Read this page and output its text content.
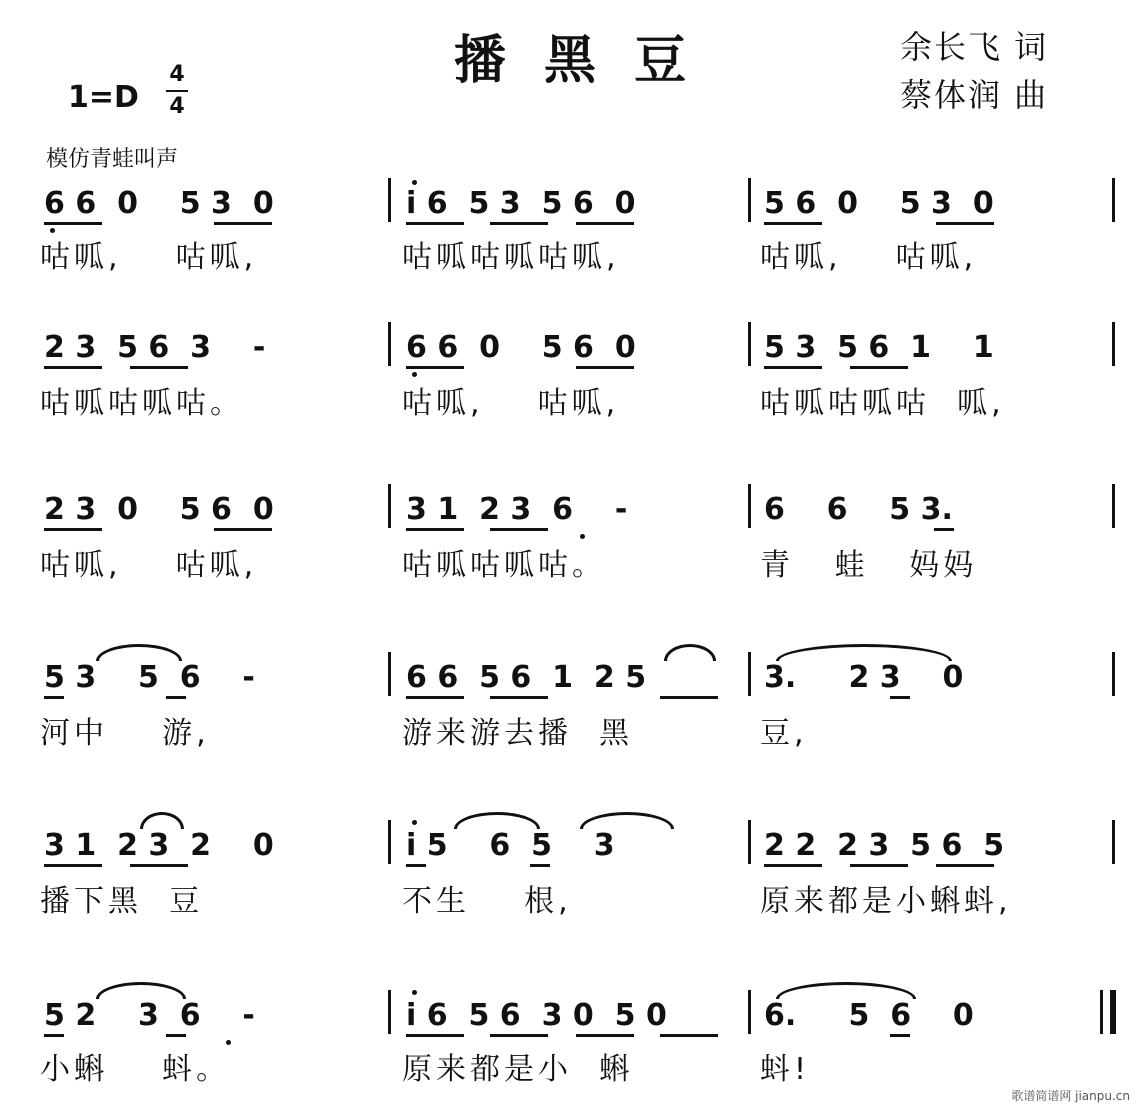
播 黑 豆	余长飞 词
蔡体润 曲
1=D
4
4
模仿青蛙叫声
6 6  0    5 3  0	i 6  5 3  5 6  0	5 6  0    5 3  0
咕呱,    咕呱,	咕呱咕呱咕呱,	咕呱,    咕呱,
2 3  5 6  3    -	6 6  0    5 6  0	5 3  5 6  1    1
咕呱咕呱咕。	咕呱,    咕呱,	咕呱咕呱咕  呱,
2 3  0    5 6  0	3 1  2 3  6    -	6    6    5 3.
咕呱,    咕呱,	咕呱咕呱咕。	青   蛙   妈妈
5 3    5  6    -	6 6  5 6  1  2 5	3.     2 3    0
河中    游,	游来游去播  黑	豆,
3 1  2 3  2    0	i 5    6  5    3	2 2  2 3  5 6  5
播下黑  豆	不生    根,	原来都是小蝌蚪,
5 2    3  6    -	i 6  5 6  3 0  5 0	6.     5  6    0
小蝌    蚪。	原来都是小  蝌	蚪!
歌谱简谱网 jianpu.cn
